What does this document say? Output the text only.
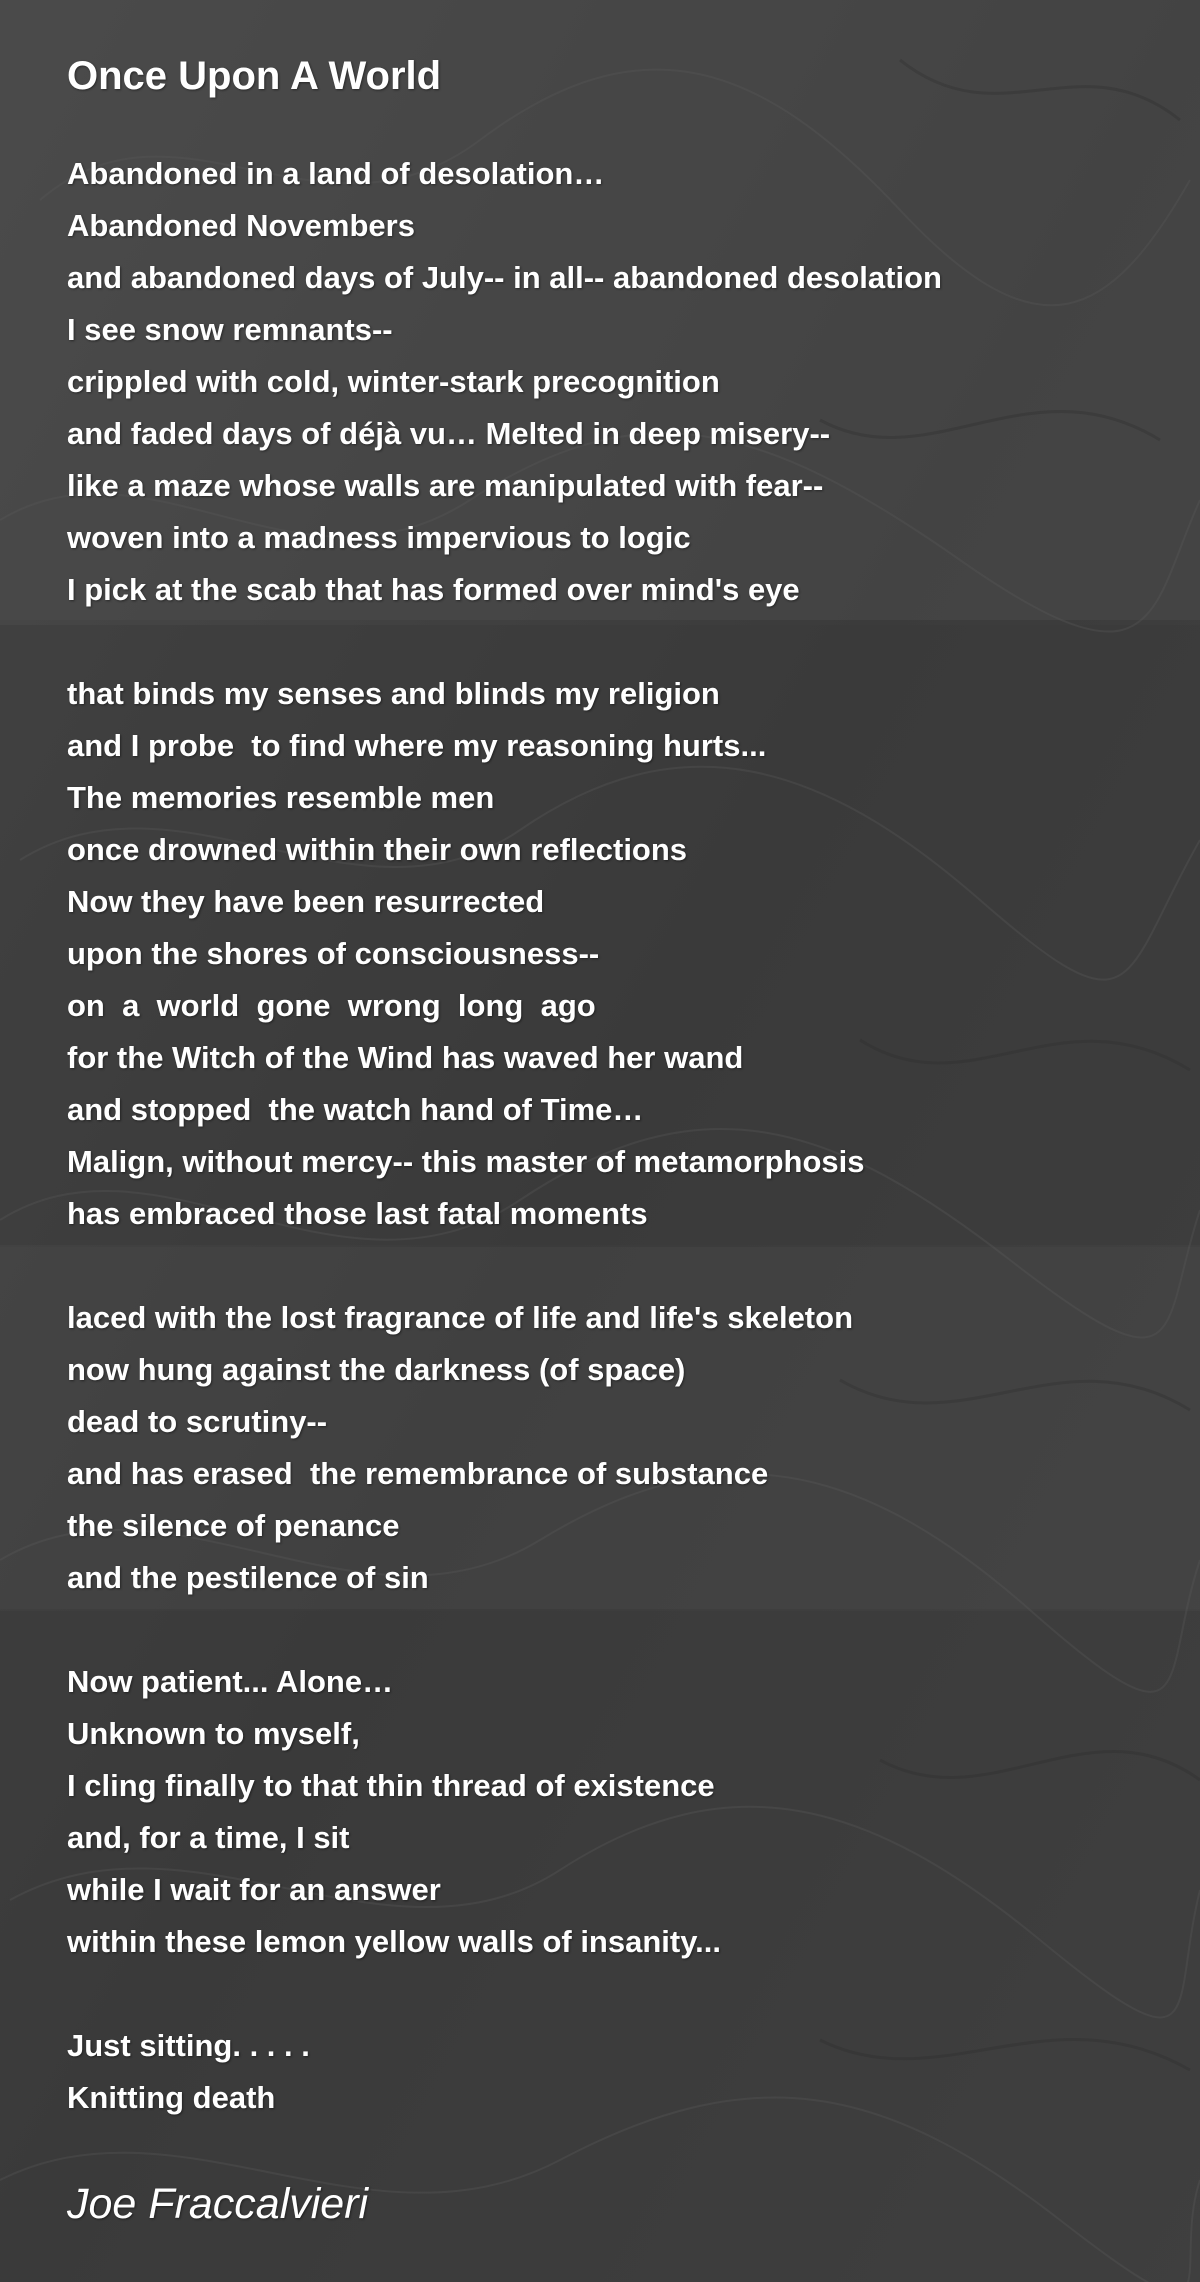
Once Upon A World
Abandoned in a land of desolation…
Abandoned Novembers
and abandoned days of July-- in all-- abandoned desolation
I see snow remnants--
crippled with cold, winter-stark precognition
and faded days of déjà vu… Melted in deep misery--
like a maze whose walls are manipulated with fear--
woven into a madness impervious to logic
I pick at the scab that has formed over mind's eye
that binds my senses and blinds my religion
and I probe  to find where my reasoning hurts...
The memories resemble men
once drowned within their own reflections
Now they have been resurrected
upon the shores of consciousness--
on  a  world  gone  wrong  long  ago
for the Witch of the Wind has waved her wand
and stopped  the watch hand of Time…
Malign, without mercy-- this master of metamorphosis
has embraced those last fatal moments
laced with the lost fragrance of life and life's skeleton
now hung against the darkness (of space)
dead to scrutiny--
and has erased  the remembrance of substance
the silence of penance
and the pestilence of sin
Now patient... Alone…
Unknown to myself,
I cling finally to that thin thread of existence
and, for a time, I sit
while I wait for an answer
within these lemon yellow walls of insanity...
Just sitting. . . . .
Knitting death

Joe Fraccalvieri
